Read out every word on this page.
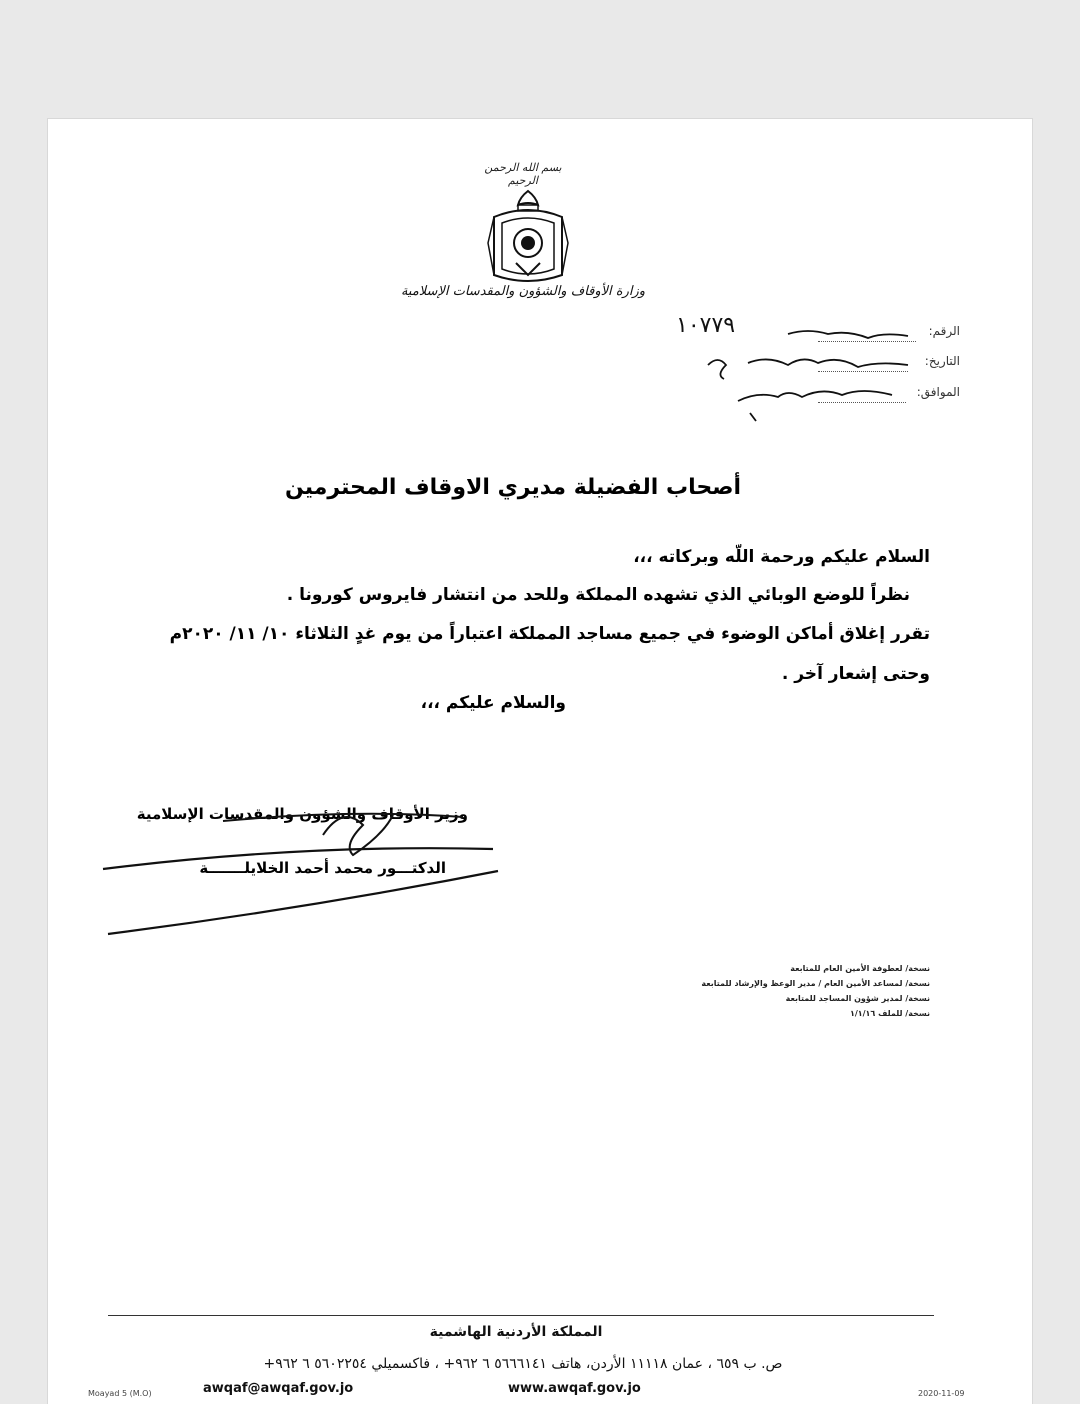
بسم الله الرحمن الرحيم
وزارة الأوقاف والشؤون والمقدسات الإسلامية
الرقم:
١٠٧٧٩
التاريخ:
الموافق:
أصحاب الفضيلة مديري الاوقاف المحترمين
السلام عليكم ورحمة اللّه وبركاته ،،،
نظراً للوضع الوبائي الذي تشهده المملكة وللحد من انتشار فايروس كورونا .
تقرر إغلاق أماكن الوضوء في جميع مساجد المملكة اعتباراً من يوم غدٍ الثلاثاء ١٠/ ١١/ ٢٠٢٠م
وحتى إشعار آخر .
والسلام عليكم ،،،
وزير الأوقاف والشؤون والمقدسات الإسلامية
الدكتـــور محمد أحمد الخلايلـــــــة
نسخة/ لعطوفة الأمين العام للمتابعة
نسخة/ لمساعد الأمين العام / مدير الوعظ والإرشاد للمتابعة
نسخة/ لمدير شؤون المساجد للمتابعة
نسخة/ للملف ١/١/١٦
المملكة الأردنية الهاشمية
ص. ب ٦٥٩ ، عمان ١١١١٨ الأردن، هاتف ٥٦٦٦١٤١ ٦ ٩٦٢+ ، فاكسميلي ٥٦٠٢٢٥٤ ٦ ٩٦٢+
awqaf@awqaf.gov.jo	www.awqaf.gov.jo
Moayad 5 (M.O)	2020-11-09
